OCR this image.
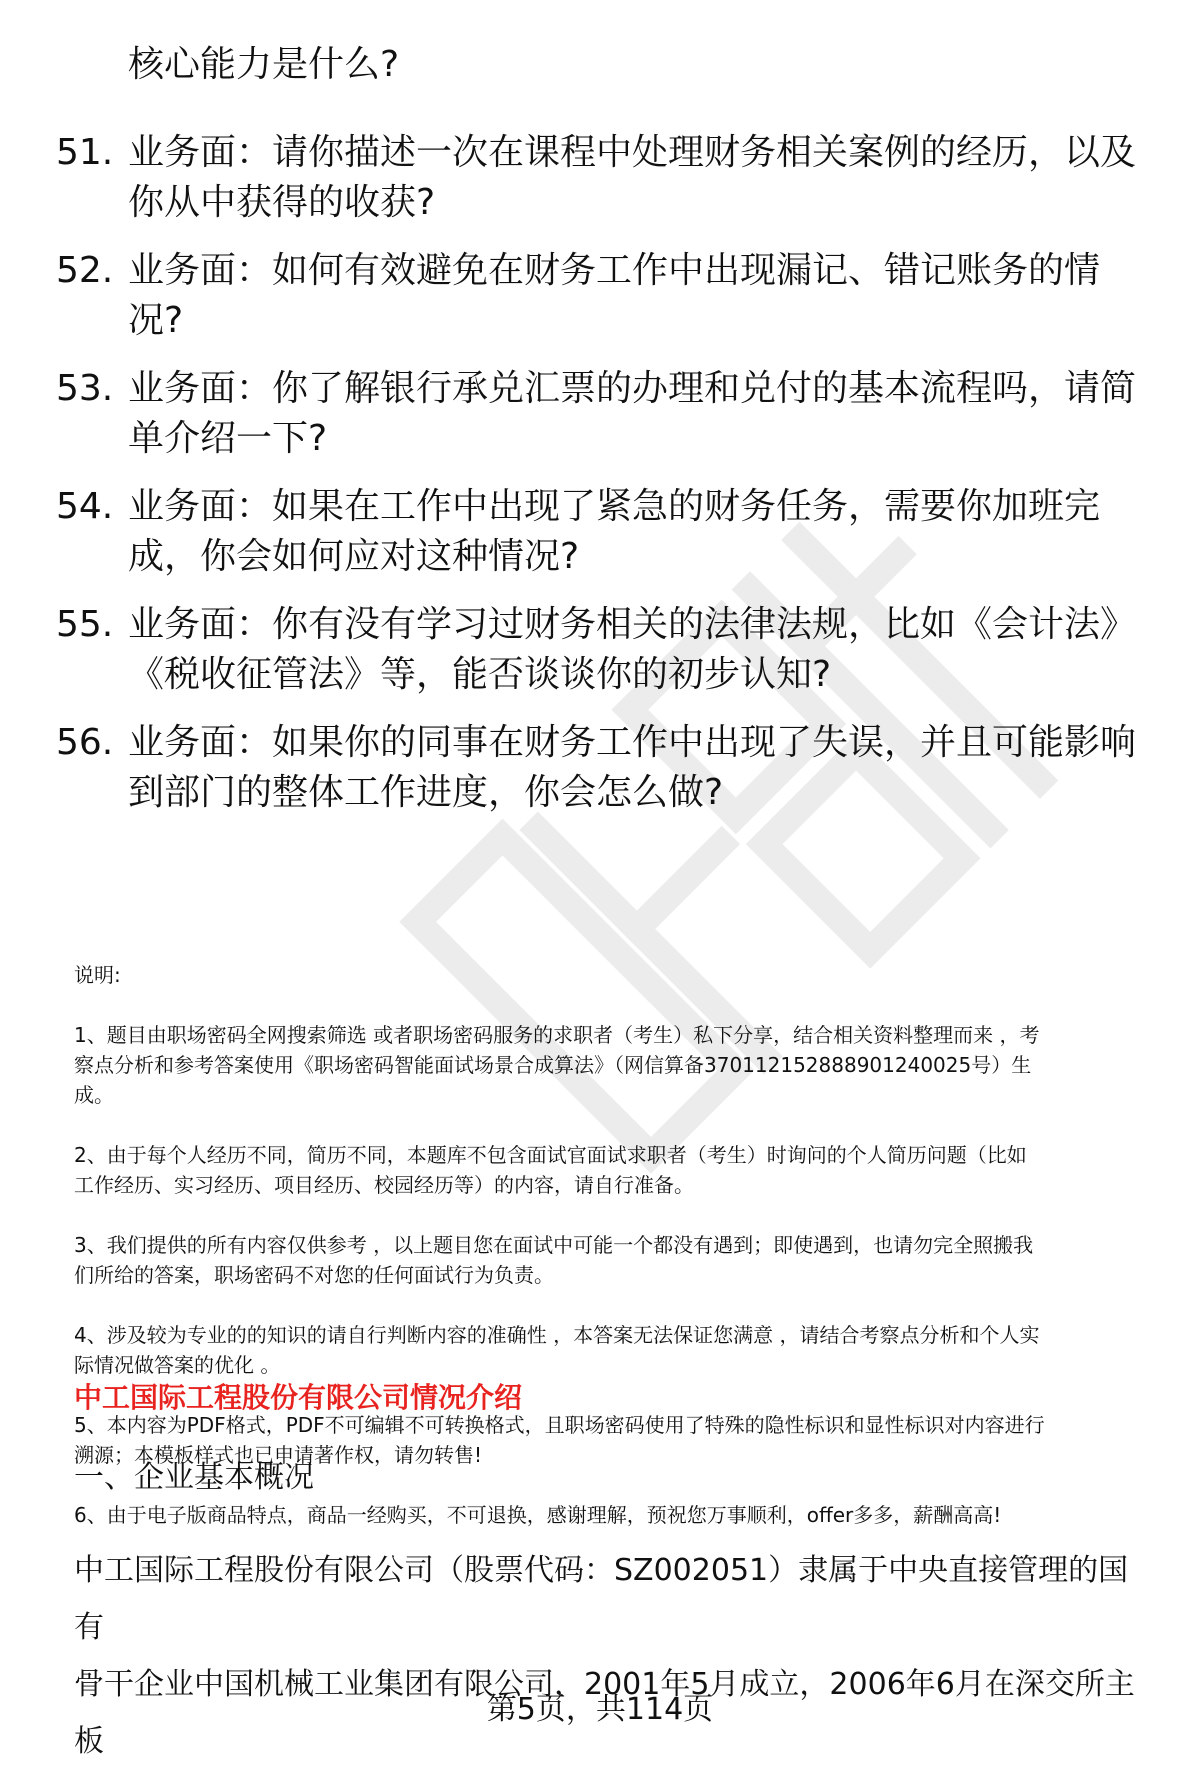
核心能力是什么?
51. 业务面：请你描述一次在课程中处理财务相关案例的经历，以及
你从中获得的收获?
52. 业务面：如何有效避免在财务工作中出现漏记、错记账务的情
况?
53. 业务面：你了解银行承兑汇票的办理和兑付的基本流程吗，请简
单介绍一下?
54. 业务面：如果在工作中出现了紧急的财务任务，需要你加班完
成，你会如何应对这种情况?
55. 业务面：你有没有学习过财务相关的法律法规，比如《会计法》
《税收征管法》等，能否谈谈你的初步认知?
56. 业务面：如果你的同事在财务工作中出现了失误，并且可能影响
到部门的整体工作进度，你会怎么做?

说明:

1、题目由职场密码全网搜索筛选 或者职场密码服务的求职者（考生）私下分享，结合相关资料整理而来 ，考
察点分析和参考答案使用《职场密码智能面试场景合成算法》（网信算备370112152888901240025号）生
成。

2、由于每个人经历不同，简历不同，本题库不包含面试官面试求职者（考生）时询问的个人简历问题（比如
工作经历、实习经历、项目经历、校园经历等）的内容，请自行准备。

3、我们提供的所有内容仅供参考 ，以上题目您在面试中可能一个都没有遇到；即使遇到，也请勿完全照搬我
们所给的答案，职场密码不对您的任何面试行为负责。

4、涉及较为专业的的知识的请自行判断内容的准确性 ，本答案无法保证您满意 ，请结合考察点分析和个人实
际情况做答案的优化 。

5、本内容为PDF格式，PDF不可编辑不可转换格式，且职场密码使用了特殊的隐性标识和显性标识对内容进行
溯源；本模板样式也已申请著作权，请勿转售!

6、由于电子版商品特点，商品一经购买，不可退换，感谢理解，预祝您万事顺利，offer多多，薪酬高高!

中工国际工程股份有限公司情况介绍
一、企业基本概况
中工国际工程股份有限公司（股票代码：SZ002051）隶属于中央直接管理的国有
骨干企业中国机械工业集团有限公司，2001年5月成立，2006年6月在深交所主板
第5页，共114页
